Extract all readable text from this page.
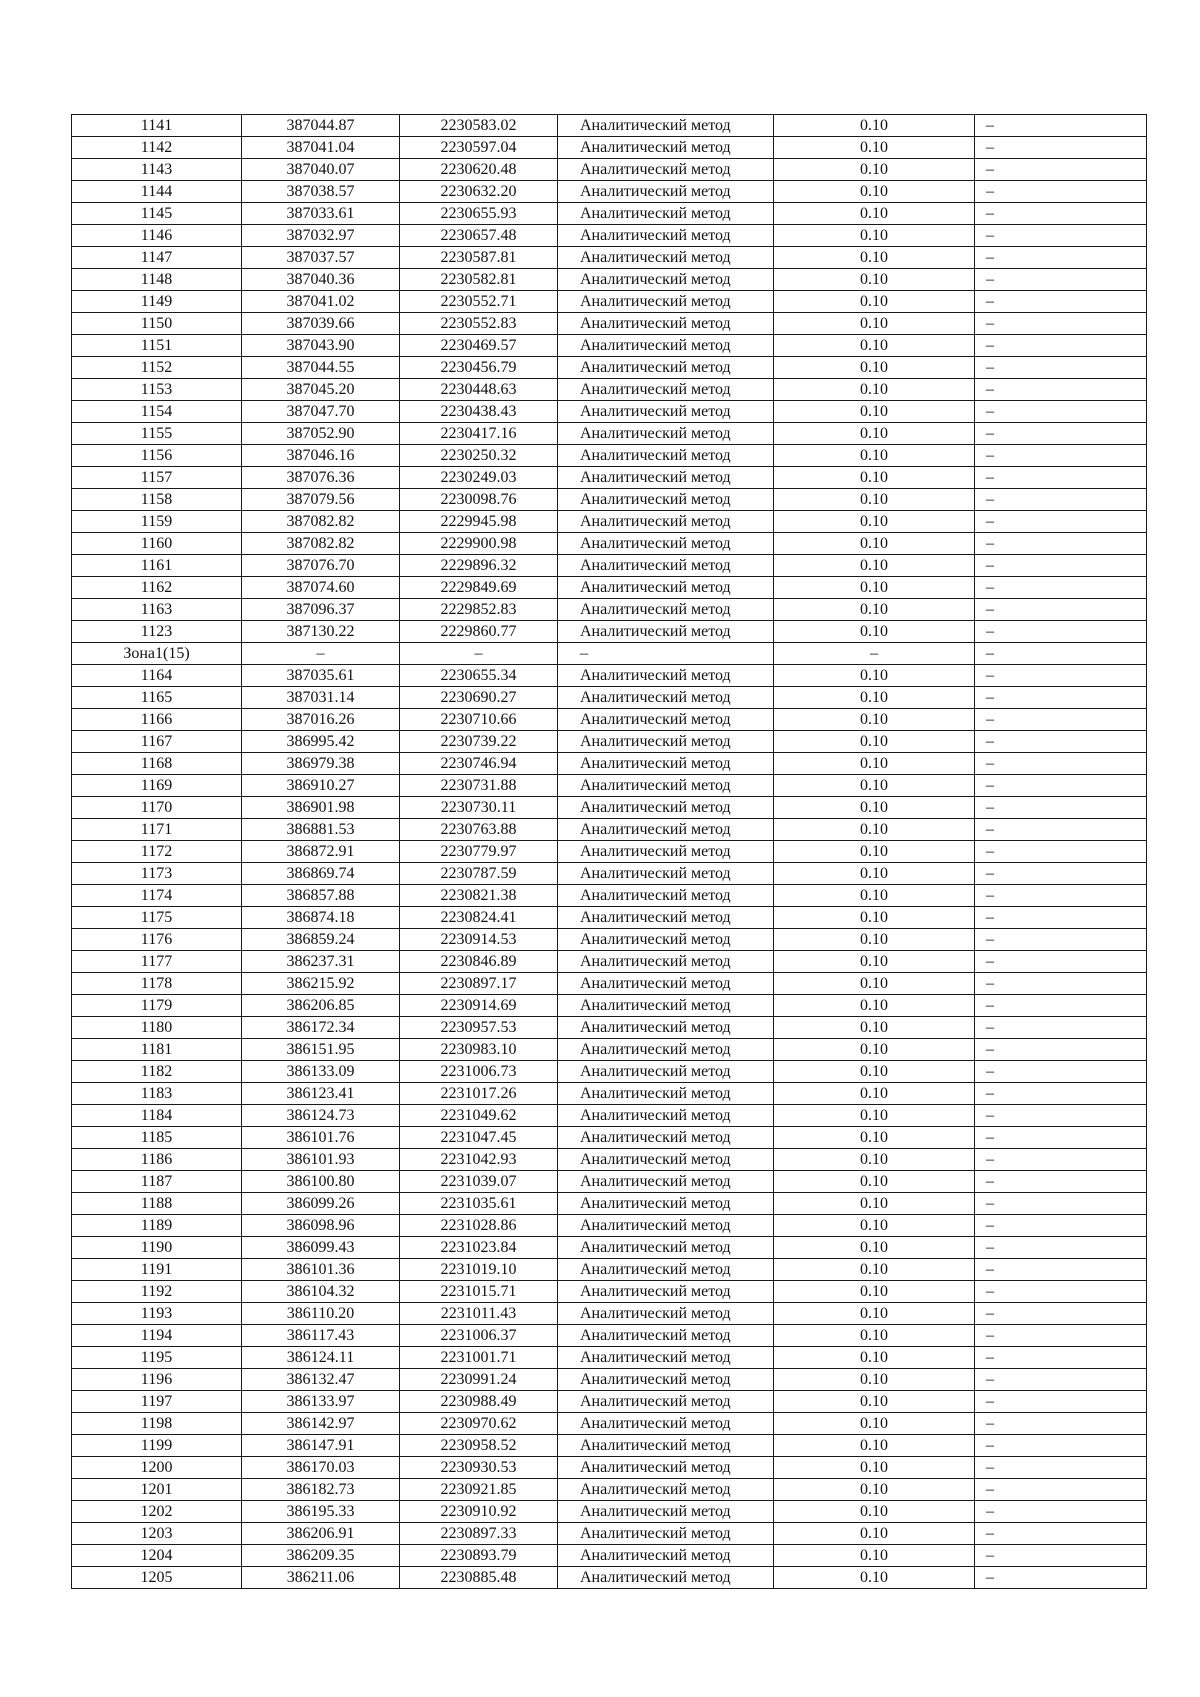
1141	387044.87	2230583.02	Аналитический метод	0.10	–
1142	387041.04	2230597.04	Аналитический метод	0.10	–
1143	387040.07	2230620.48	Аналитический метод	0.10	–
1144	387038.57	2230632.20	Аналитический метод	0.10	–
1145	387033.61	2230655.93	Аналитический метод	0.10	–
1146	387032.97	2230657.48	Аналитический метод	0.10	–
1147	387037.57	2230587.81	Аналитический метод	0.10	–
1148	387040.36	2230582.81	Аналитический метод	0.10	–
1149	387041.02	2230552.71	Аналитический метод	0.10	–
1150	387039.66	2230552.83	Аналитический метод	0.10	–
1151	387043.90	2230469.57	Аналитический метод	0.10	–
1152	387044.55	2230456.79	Аналитический метод	0.10	–
1153	387045.20	2230448.63	Аналитический метод	0.10	–
1154	387047.70	2230438.43	Аналитический метод	0.10	–
1155	387052.90	2230417.16	Аналитический метод	0.10	–
1156	387046.16	2230250.32	Аналитический метод	0.10	–
1157	387076.36	2230249.03	Аналитический метод	0.10	–
1158	387079.56	2230098.76	Аналитический метод	0.10	–
1159	387082.82	2229945.98	Аналитический метод	0.10	–
1160	387082.82	2229900.98	Аналитический метод	0.10	–
1161	387076.70	2229896.32	Аналитический метод	0.10	–
1162	387074.60	2229849.69	Аналитический метод	0.10	–
1163	387096.37	2229852.83	Аналитический метод	0.10	–
1123	387130.22	2229860.77	Аналитический метод	0.10	–
Зона1(15)	–	–	–	–	–
1164	387035.61	2230655.34	Аналитический метод	0.10	–
1165	387031.14	2230690.27	Аналитический метод	0.10	–
1166	387016.26	2230710.66	Аналитический метод	0.10	–
1167	386995.42	2230739.22	Аналитический метод	0.10	–
1168	386979.38	2230746.94	Аналитический метод	0.10	–
1169	386910.27	2230731.88	Аналитический метод	0.10	–
1170	386901.98	2230730.11	Аналитический метод	0.10	–
1171	386881.53	2230763.88	Аналитический метод	0.10	–
1172	386872.91	2230779.97	Аналитический метод	0.10	–
1173	386869.74	2230787.59	Аналитический метод	0.10	–
1174	386857.88	2230821.38	Аналитический метод	0.10	–
1175	386874.18	2230824.41	Аналитический метод	0.10	–
1176	386859.24	2230914.53	Аналитический метод	0.10	–
1177	386237.31	2230846.89	Аналитический метод	0.10	–
1178	386215.92	2230897.17	Аналитический метод	0.10	–
1179	386206.85	2230914.69	Аналитический метод	0.10	–
1180	386172.34	2230957.53	Аналитический метод	0.10	–
1181	386151.95	2230983.10	Аналитический метод	0.10	–
1182	386133.09	2231006.73	Аналитический метод	0.10	–
1183	386123.41	2231017.26	Аналитический метод	0.10	–
1184	386124.73	2231049.62	Аналитический метод	0.10	–
1185	386101.76	2231047.45	Аналитический метод	0.10	–
1186	386101.93	2231042.93	Аналитический метод	0.10	–
1187	386100.80	2231039.07	Аналитический метод	0.10	–
1188	386099.26	2231035.61	Аналитический метод	0.10	–
1189	386098.96	2231028.86	Аналитический метод	0.10	–
1190	386099.43	2231023.84	Аналитический метод	0.10	–
1191	386101.36	2231019.10	Аналитический метод	0.10	–
1192	386104.32	2231015.71	Аналитический метод	0.10	–
1193	386110.20	2231011.43	Аналитический метод	0.10	–
1194	386117.43	2231006.37	Аналитический метод	0.10	–
1195	386124.11	2231001.71	Аналитический метод	0.10	–
1196	386132.47	2230991.24	Аналитический метод	0.10	–
1197	386133.97	2230988.49	Аналитический метод	0.10	–
1198	386142.97	2230970.62	Аналитический метод	0.10	–
1199	386147.91	2230958.52	Аналитический метод	0.10	–
1200	386170.03	2230930.53	Аналитический метод	0.10	–
1201	386182.73	2230921.85	Аналитический метод	0.10	–
1202	386195.33	2230910.92	Аналитический метод	0.10	–
1203	386206.91	2230897.33	Аналитический метод	0.10	–
1204	386209.35	2230893.79	Аналитический метод	0.10	–
1205	386211.06	2230885.48	Аналитический метод	0.10	–
